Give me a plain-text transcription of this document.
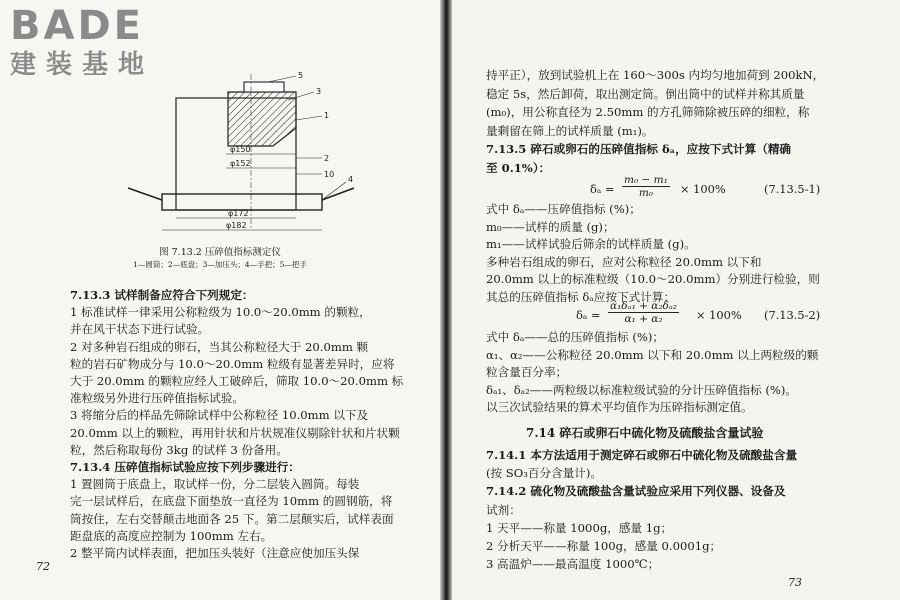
BADE
建装基地
φ150
φ152
φ172
φ182
5
3
1
2
10
4
图 7.13.2 压碎值指标测定仪
1—圆筒；2—底盘；3—加压头；4—手把；5—把手
7.13.3 试样制备应符合下列规定：
1 标准试样一律采用公称粒级为 10.0～20.0mm 的颗粒，
并在风干状态下进行试验。
2 对多种岩石组成的卵石，当其公称粒径大于 20.0mm 颗
粒的岩石矿物成分与 10.0～20.0mm 粒级有显著差异时，应将
大于 20.0mm 的颗粒应经人工破碎后，筛取 10.0～20.0mm 标
准粒级另外进行压碎值指标试验。
3 将缩分后的样品先筛除试样中公称粒径 10.0mm 以下及
20.0mm 以上的颗粒，再用针状和片状规准仪剔除针状和片状颗
粒，然后称取每份 3kg 的试样 3 份备用。
7.13.4 压碎值指标试验应按下列步骤进行：
1 置圆筒于底盘上，取试样一份，分二层装入圆筒。每装
完一层试样后，在底盘下面垫放一直径为 10mm 的圆钢筋，将
筒按住，左右交替颠击地面各 25 下。第二层颠实后，试样表面
距盘底的高度应控制为 100mm 左右。
2 整平筒内试样表面，把加压头装好（注意应使加压头保
72
持平正），放到试验机上在 160～300s 内均匀地加荷到 200kN，
稳定 5s，然后卸荷，取出测定筒。倒出筒中的试样并称其质量
(m₀)，用公称直径为 2.50mm 的方孔筛筛除被压碎的细粒，称
量剩留在筛上的试样质量 (m₁)。
7.13.5 碎石或卵石的压碎值指标 δₐ，应按下式计算（精确
至 0.1%）：
$\delta_a = \frac{\text{m₀ − m₁}}{\text{m₀}} \times 100\%$	(7.13.5-1)
式中 δₐ——压碎值指标 (%)；
m₀——试样的质量 (g)；
m₁——试样试验后筛余的试样质量 (g)。
多种岩石组成的卵石，应对公称粒径 20.0mm 以下和
20.0mm 以上的标准粒级（10.0～20.0mm）分别进行检验，则
其总的压碎值指标 δₐ应按下式计算：
$\delta_a = \frac{\text{α₁δₐ₁ + α₂δₐ₂}}{\text{α₁ + α₂}} \times 100\%$ (7.13.5-2)
式中 δₐ——总的压碎值指标 (%)；
α₁、α₂——公称粒径 20.0mm 以下和 20.0mm 以上两粒级的颗
粒含量百分率；
δₐ₁、δₐ₂——两粒级以标准粒级试验的分计压碎值指标 (%)。
以三次试验结果的算术平均值作为压碎指标测定值。
7.14 碎石或卵石中硫化物及硫酸盐含量试验
7.14.1 本方法适用于测定碎石或卵石中硫化物及硫酸盐含量
(按 SO₃百分含量计)。
7.14.2 硫化物及硫酸盐含量试验应采用下列仪器、设备及
试剂：
1 天平——称量 1000g，感量 1g；
2 分析天平——称量 100g，感量 0.0001g；
3 高温炉——最高温度 1000℃；
73
